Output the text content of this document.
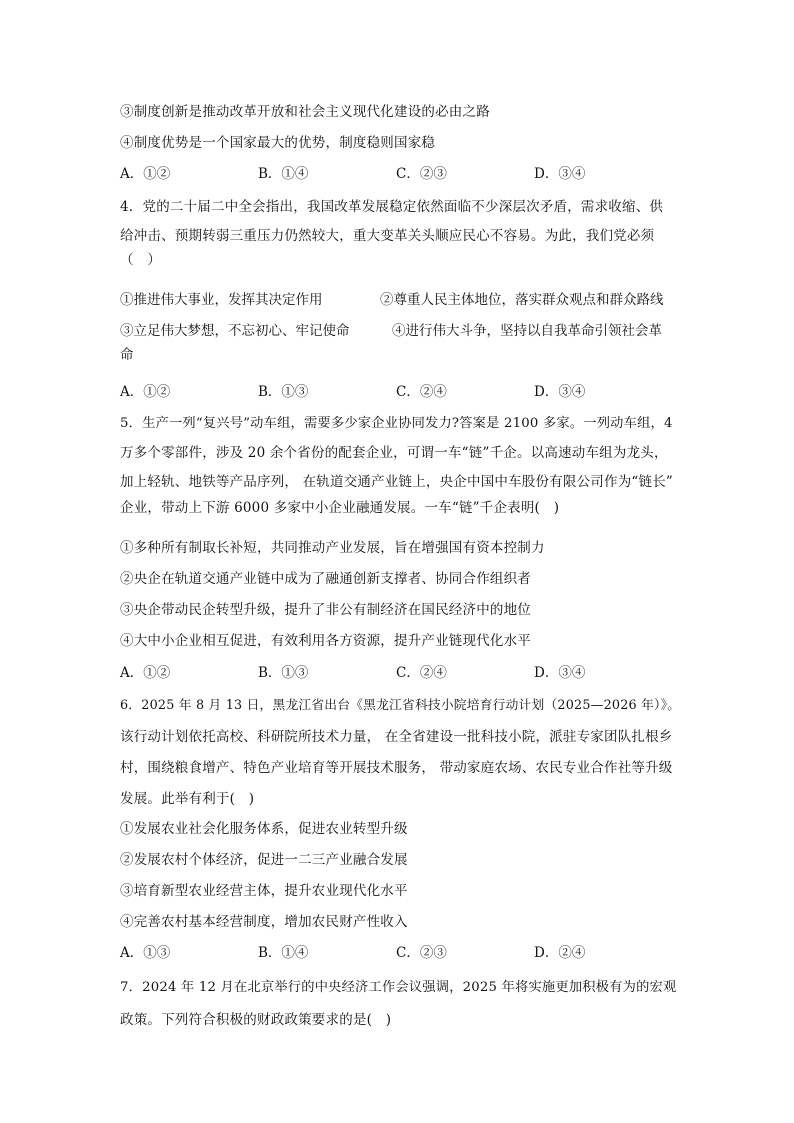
③制度创新是推动改革开放和社会主义现代化建设的必由之路
④制度优势是一个国家最大的优势，制度稳则国家稳
A．①②	B．①④	C．②③	D．③④
4．党的二十届二中全会指出，我国改革发展稳定依然面临不少深层次矛盾，需求收缩、供
给冲击、预期转弱三重压力仍然较大，重大变革关头顺应民心不容易。为此，我们党必须
（　）
①推进伟大事业，发挥其决定作用	②尊重人民主体地位，落实群众观点和群众路线
③立足伟大梦想，不忘初心、牢记使命	④进行伟大斗争，坚持以自我革命引领社会革
命
A．①②	B．①③	C．②④	D．③④
5．生产一列“复兴号”动车组，需要多少家企业协同发力?答案是 2100 多家。一列动车组，4
万多个零部件，涉及 20 余个省份的配套企业，可谓一车“链”千企。以高速动车组为龙头，
加上轻轨、地铁等产品序列， 在轨道交通产业链上，央企中国中车股份有限公司作为“链长”
企业，带动上下游 6000 多家中小企业融通发展。一车“链”千企表明(　)
①多种所有制取长补短，共同推动产业发展，旨在增强国有资本控制力
②央企在轨道交通产业链中成为了融通创新支撑者、协同合作组织者
③央企带动民企转型升级，提升了非公有制经济在国民经济中的地位
④大中小企业相互促进，有效利用各方资源，提升产业链现代化水平
A．①②	B．①③	C．②④	D．③④
6．2025 年 8 月 13 日，黑龙江省出台《黑龙江省科技小院培育行动计划（2025—2026 年）》。
该行动计划依托高校、科研院所技术力量， 在全省建设一批科技小院，派驻专家团队扎根乡
村，围绕粮食增产、特色产业培育等开展技术服务， 带动家庭农场、农民专业合作社等升级
发展。此举有利于(　)
①发展农业社会化服务体系，促进农业转型升级
②发展农村个体经济，促进一二三产业融合发展
③培育新型农业经营主体，提升农业现代化水平
④完善农村基本经营制度，增加农民财产性收入
A．①③	B．①④	C．②③	D．②④
7．2024 年 12 月在北京举行的中央经济工作会议强调，2025 年将实施更加积极有为的宏观
政策。下列符合积极的财政政策要求的是(　)
